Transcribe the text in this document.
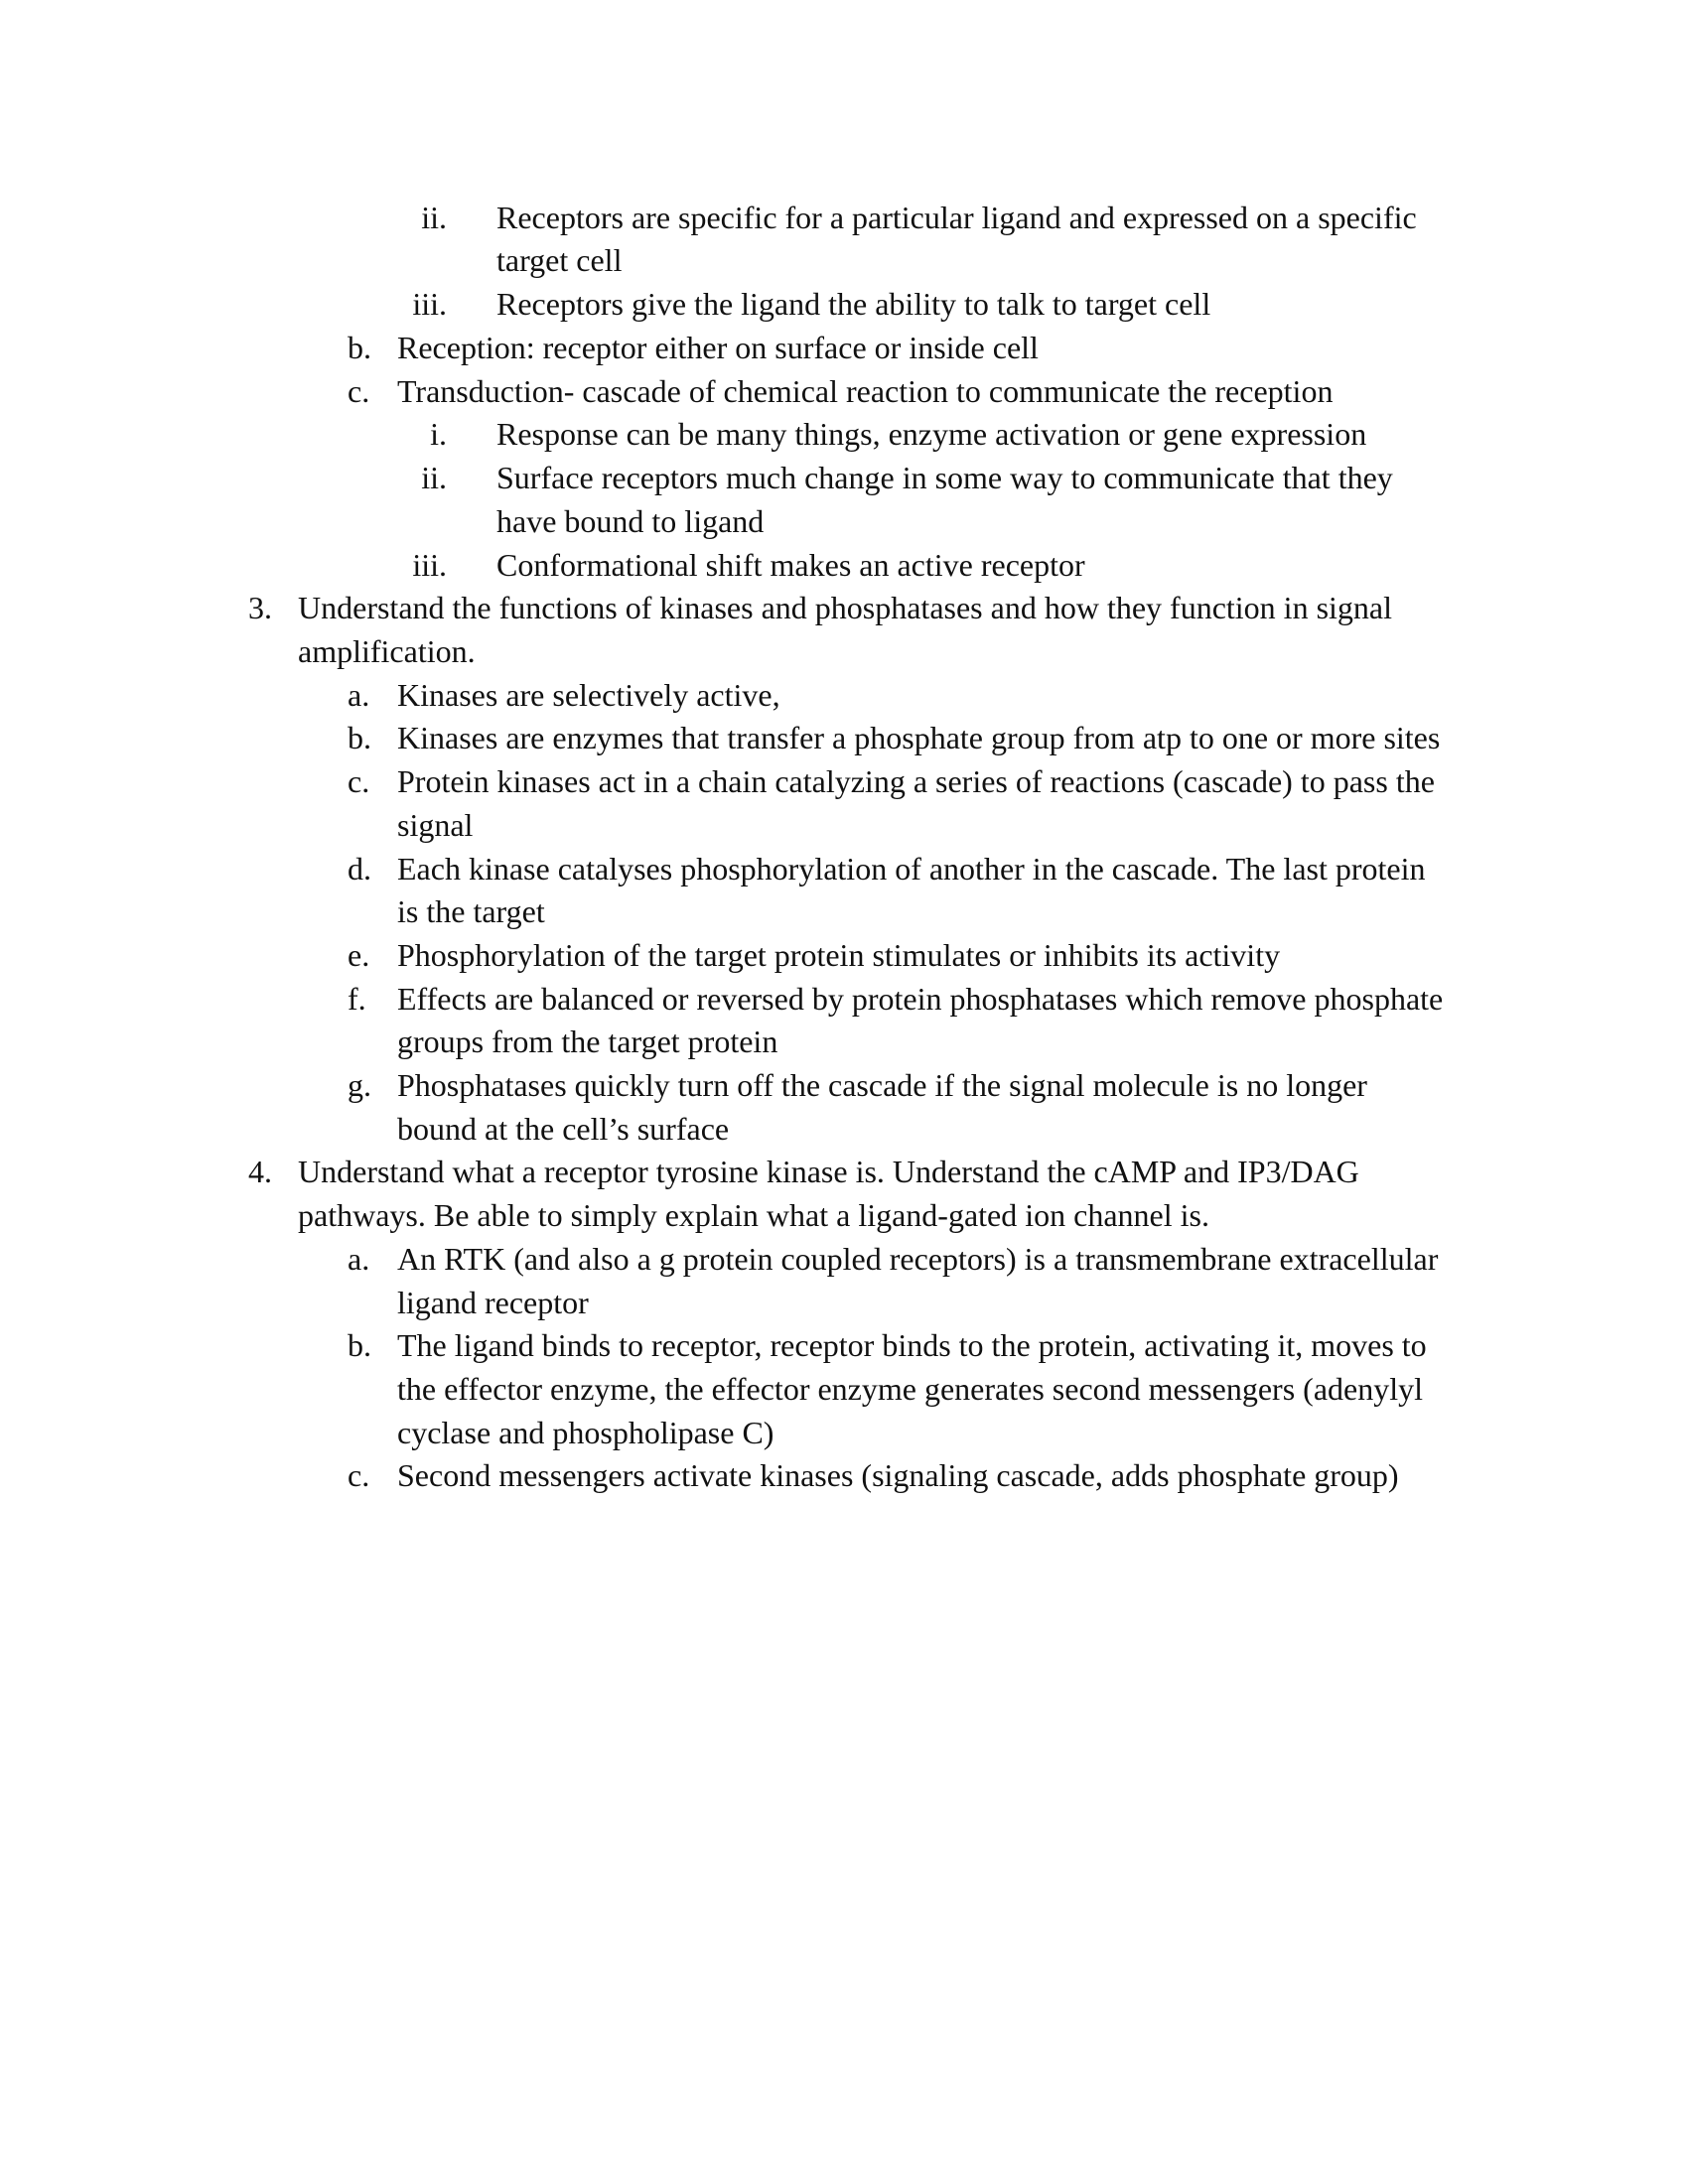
ii. Receptors are specific for a particular ligand and expressed on a specific
target cell
iii. Receptors give the ligand the ability to talk to target cell
b. Reception: receptor either on surface or inside cell
c. Transduction- cascade of chemical reaction to communicate the reception
i. Response can be many things, enzyme activation or gene expression
ii. Surface receptors much change in some way to communicate that they
have bound to ligand
iii. Conformational shift makes an active receptor
3. Understand the functions of kinases and phosphatases and how they function in signal
amplification.
a. Kinases are selectively active,
b. Kinases are enzymes that transfer a phosphate group from atp to one or more sites
c. Protein kinases act in a chain catalyzing a series of reactions (cascade) to pass the
signal
d. Each kinase catalyses phosphorylation of another in the cascade. The last protein
is the target
e. Phosphorylation of the target protein stimulates or inhibits its activity
f. Effects are balanced or reversed by protein phosphatases which remove phosphate
groups from the target protein
g. Phosphatases quickly turn off the cascade if the signal molecule is no longer
bound at the cell’s surface
4. Understand what a receptor tyrosine kinase is. Understand the cAMP and IP3/DAG
pathways. Be able to simply explain what a ligand-gated ion channel is.
a. An RTK (and also a g protein coupled receptors) is a transmembrane extracellular
ligand receptor
b. The ligand binds to receptor, receptor binds to the protein, activating it, moves to
the effector enzyme, the effector enzyme generates second messengers (adenylyl
cyclase and phospholipase C)
c. Second messengers activate kinases (signaling cascade, adds phosphate group)
